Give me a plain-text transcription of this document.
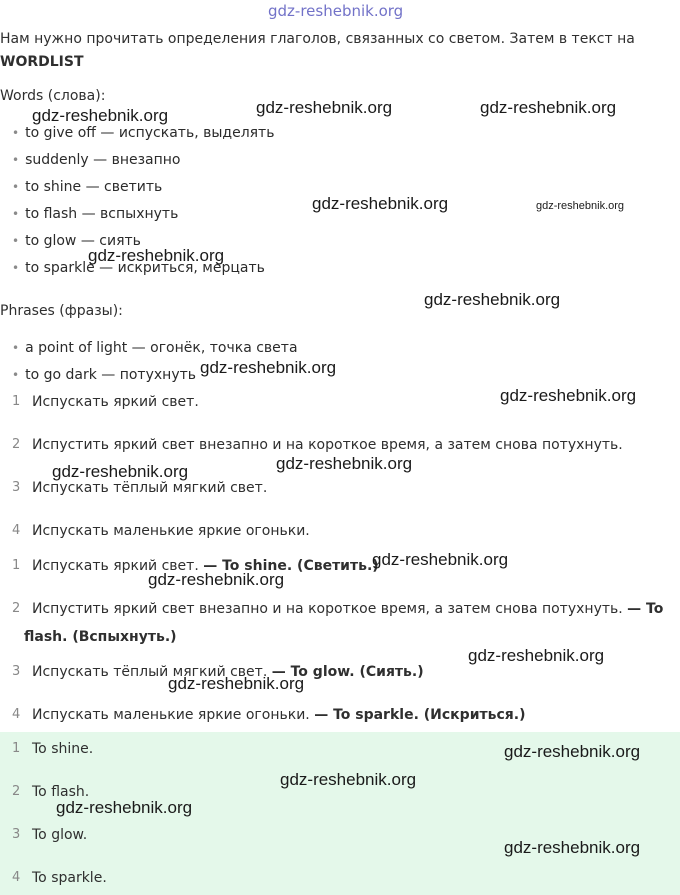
gdz-reshebnik.org
Нам нужно прочитать определения глаголов, связанных со светом. Затем в текст на
WORDLIST
Words (слова):
• to give off — испускать, выделять
• suddenly — внезапно
• to shine — светить
• to flash — вспыхнуть
• to glow — сиять
• to sparkle — искриться, мерцать
Phrases (фразы):
• a point of light — огонёк, точка света
• to go dark — потухнуть
1 Испускать яркий свет.
2 Испустить яркий свет внезапно и на короткое время, а затем снова потухнуть.
3 Испускать тёплый мягкий свет.
4 Испускать маленькие яркие огоньки.
1 Испускать яркий свет. — To shine. (Светить.)
2 Испустить яркий свет внезапно и на короткое время, а затем снова потухнуть. — To
flash. (Вспыхнуть.)
3 Испускать тёплый мягкий свет. — To glow. (Сиять.)
4 Испускать маленькие яркие огоньки. — To sparkle. (Искриться.)
1 To shine.
2 To flash.
3 To glow.
4 To sparkle.
gdz-reshebnik.org	gdz-reshebnik.org	gdz-reshebnik.org
gdz-reshebnik.org	gdz-reshebnik.org
gdz-reshebnik.org
gdz-reshebnik.org
gdz-reshebnik.org
gdz-reshebnik.org
gdz-reshebnik.org
gdz-reshebnik.org
gdz-reshebnik.org
gdz-reshebnik.org
gdz-reshebnik.org
gdz-reshebnik.org
gdz-reshebnik.org
gdz-reshebnik.org
gdz-reshebnik.org
gdz-reshebnik.org
